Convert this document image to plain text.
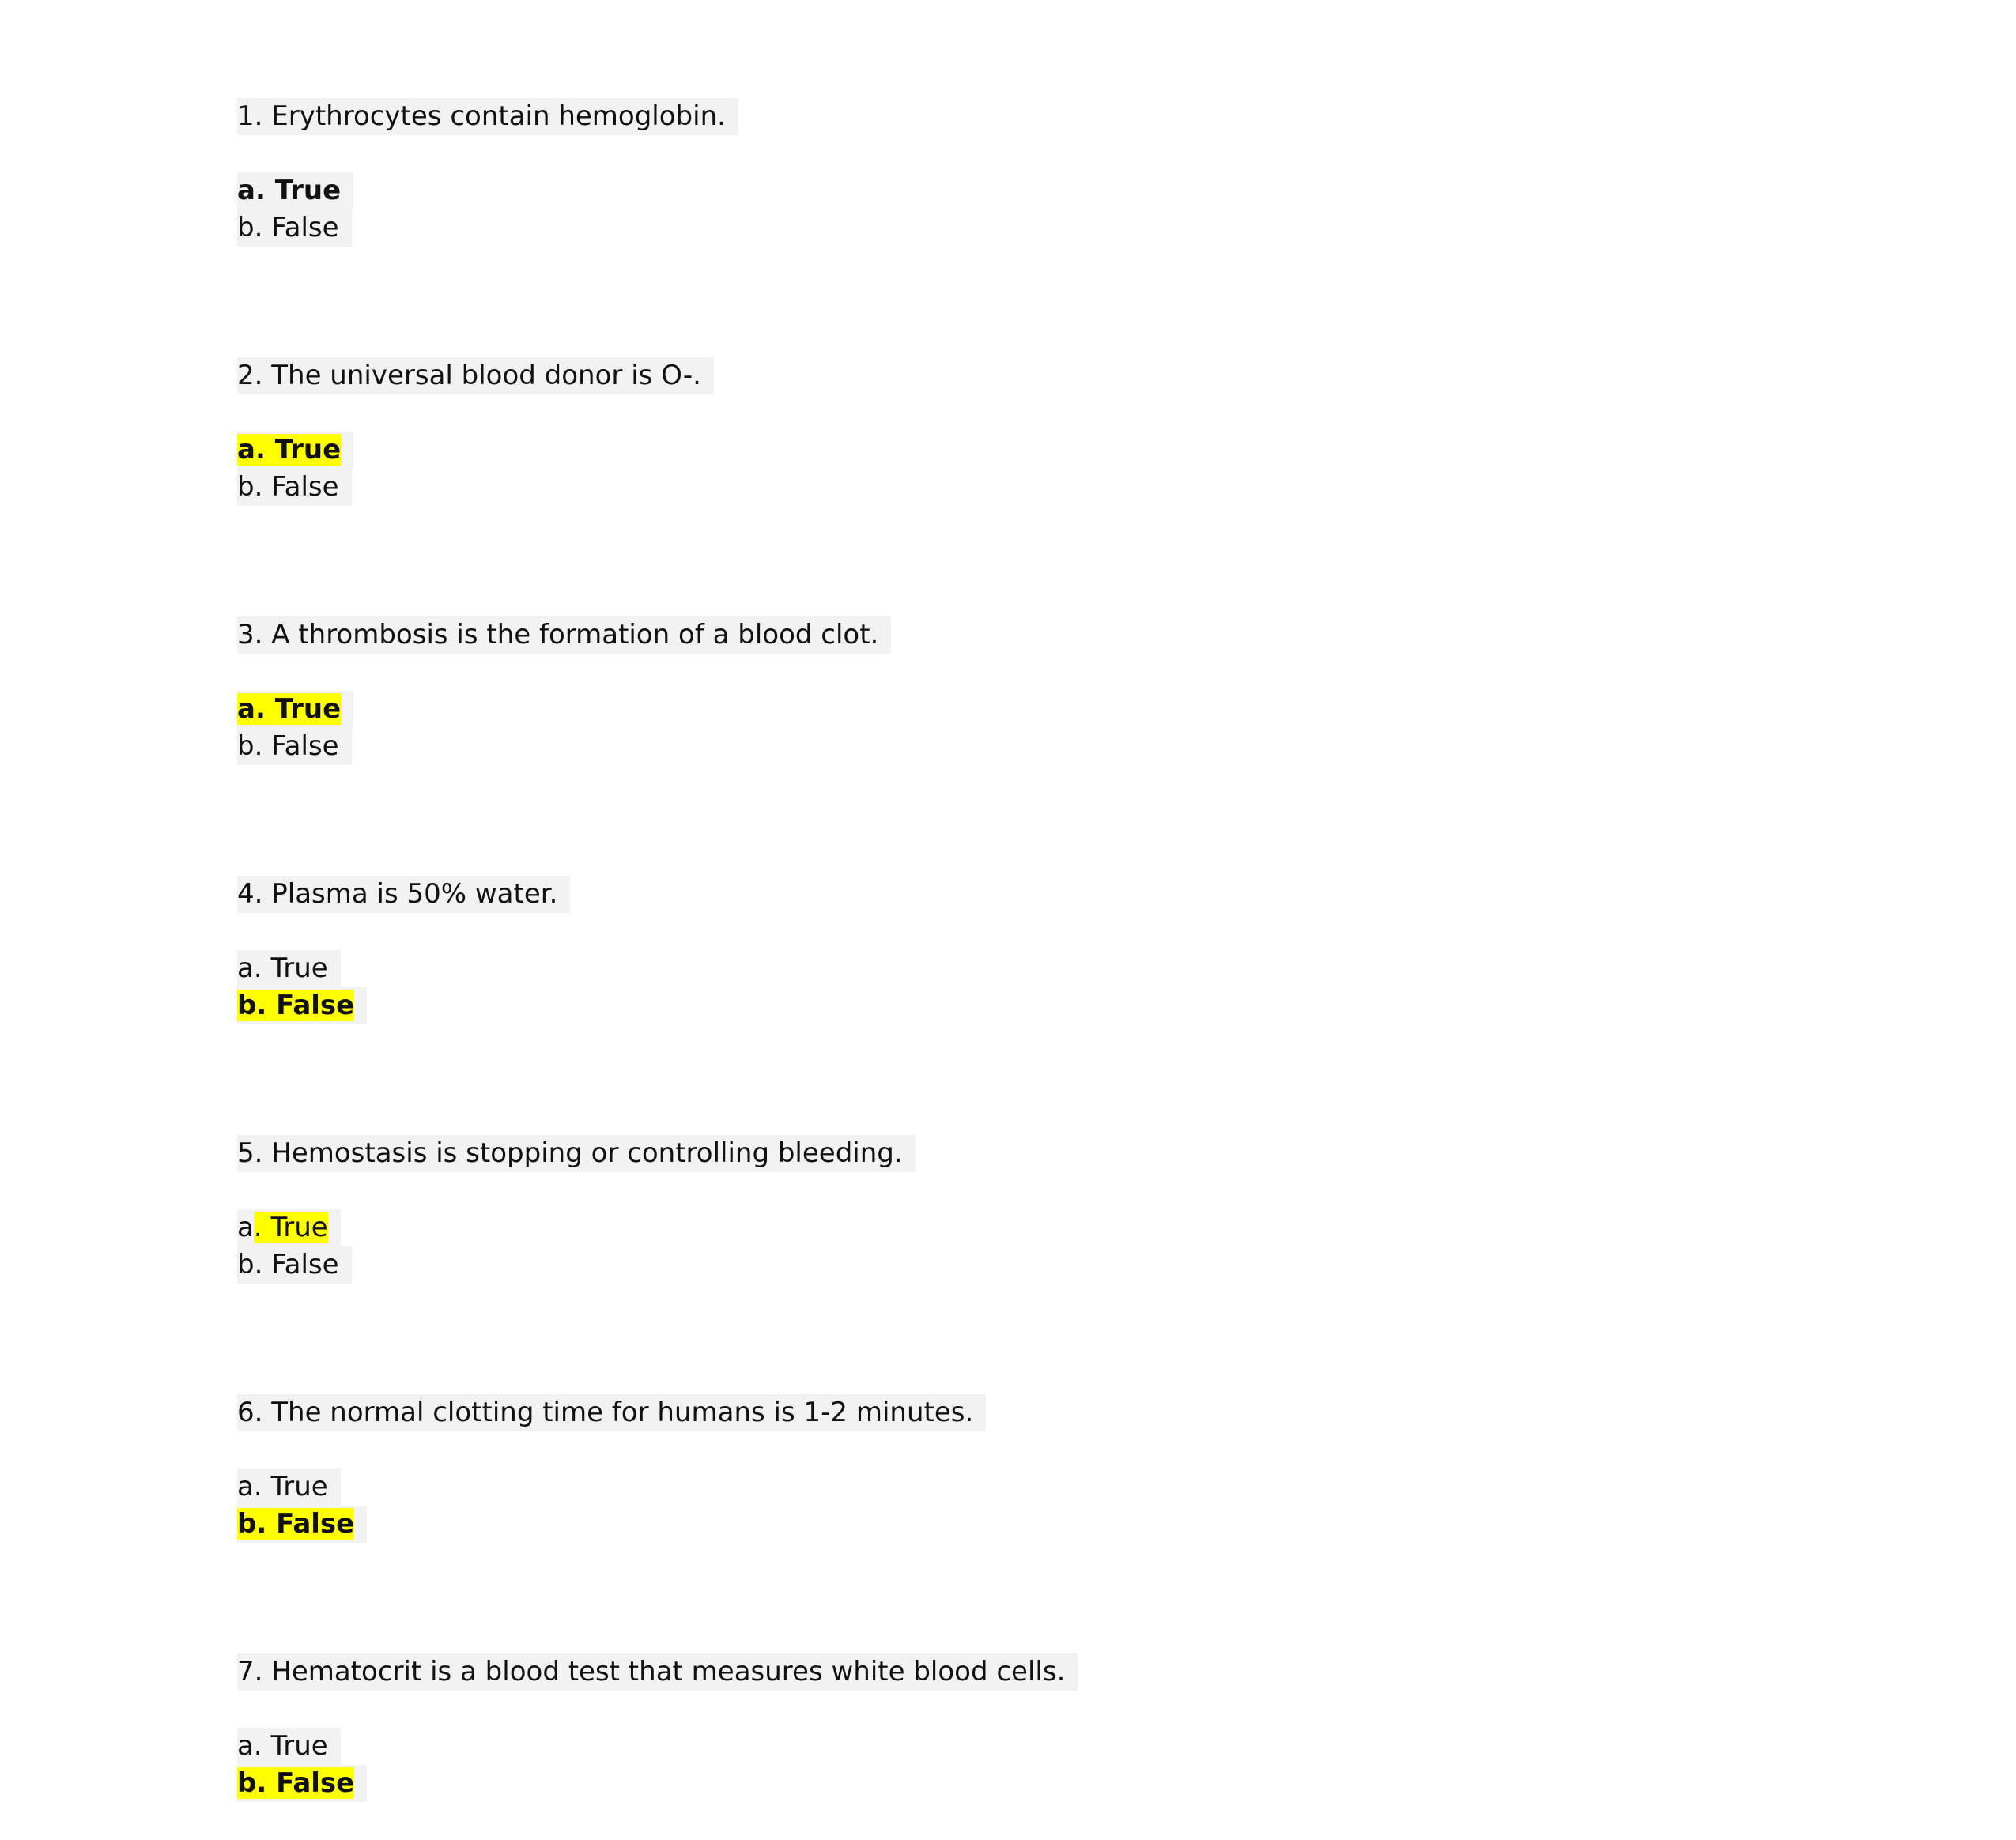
1. Erythrocytes contain hemoglobin.
a. True
b. False
2. The universal blood donor is O-.
a. True
b. False
3. A thrombosis is the formation of a blood clot.
a. True
b. False
4. Plasma is 50% water.
a. True
b. False
5. Hemostasis is stopping or controlling bleeding.
a. True
b. False
6. The normal clotting time for humans is 1-2 minutes.
a. True
b. False
7. Hematocrit is a blood test that measures white blood cells.
a. True
b. False
